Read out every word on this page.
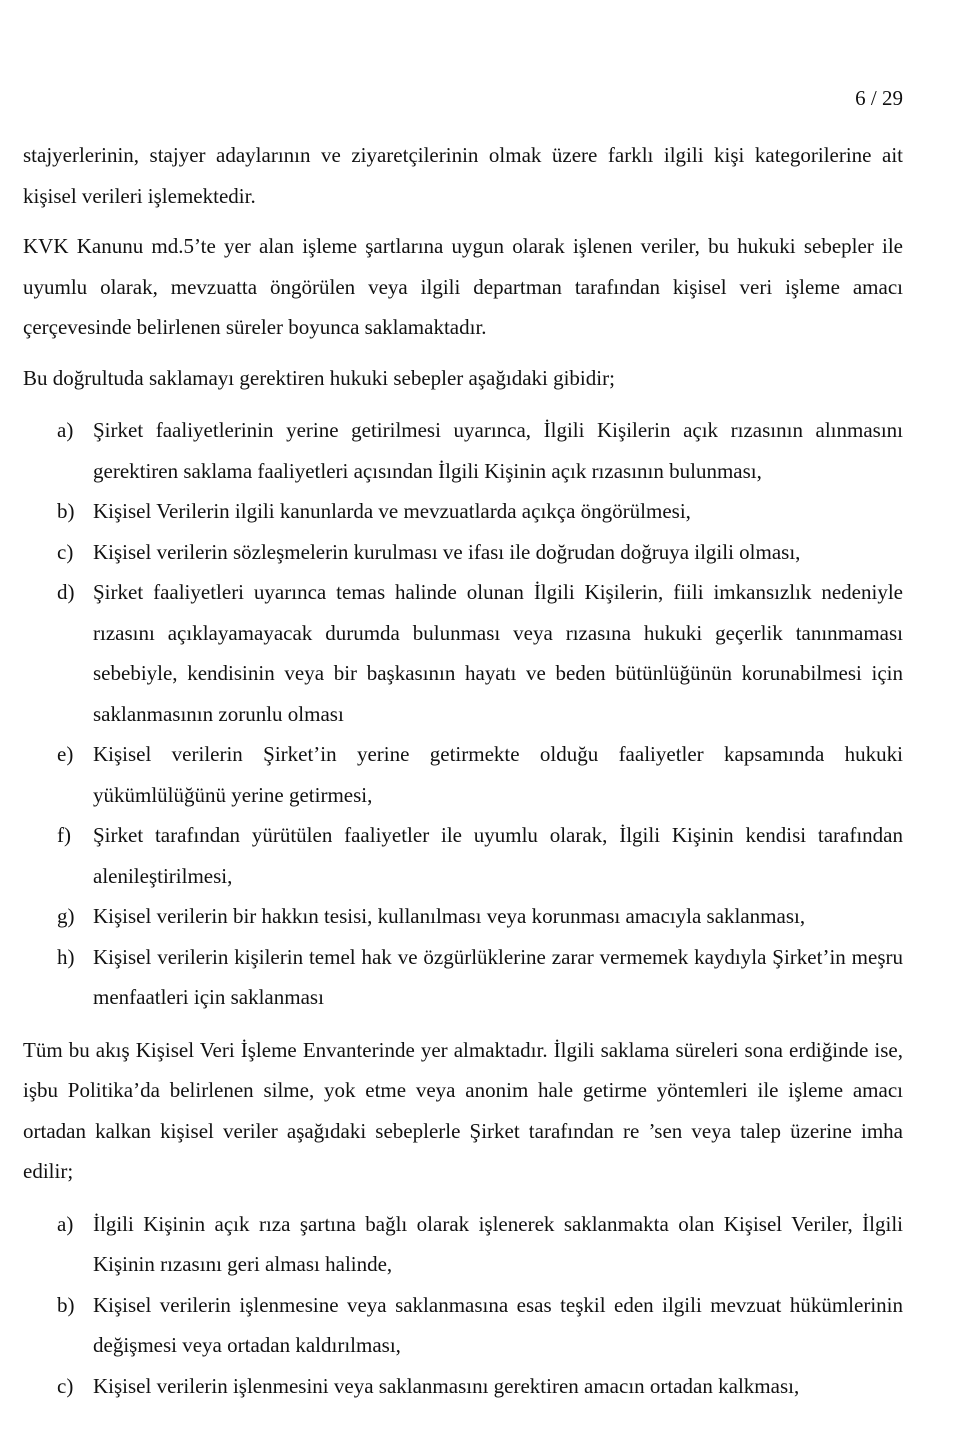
6 / 29

stajyerlerinin, stajyer adaylarının ve ziyaretçilerinin olmak üzere farklı ilgili kişi kategorilerine ait kişisel verileri işlemektedir.

KVK Kanunu md.5’te yer alan işleme şartlarına uygun olarak işlenen veriler, bu hukuki sebepler ile uyumlu olarak, mevzuatta öngörülen veya ilgili departman tarafından kişisel veri işleme amacı çerçevesinde belirlenen süreler boyunca saklamaktadır.

Bu doğrultuda saklamayı gerektiren hukuki sebepler aşağıdaki gibidir;

a) Şirket faaliyetlerinin yerine getirilmesi uyarınca, İlgili Kişilerin açık rızasının alınmasını gerektiren saklama faaliyetleri açısından İlgili Kişinin açık rızasının bulunması,
b) Kişisel Verilerin ilgili kanunlarda ve mevzuatlarda açıkça öngörülmesi,
c) Kişisel verilerin sözleşmelerin kurulması ve ifası ile doğrudan doğruya ilgili olması,
d) Şirket faaliyetleri uyarınca temas halinde olunan İlgili Kişilerin, fiili imkansızlık nedeniyle rızasını açıklayamayacak durumda bulunması veya rızasına hukuki geçerlik tanınmaması sebebiyle, kendisinin veya bir başkasının hayatı ve beden bütünlüğünün korunabilmesi için saklanmasının zorunlu olması
e) Kişisel verilerin Şirket’in yerine getirmekte olduğu faaliyetler kapsamında hukuki yükümlülüğünü yerine getirmesi,
f) Şirket tarafından yürütülen faaliyetler ile uyumlu olarak, İlgili Kişinin kendisi tarafından alenileştirilmesi,
g) Kişisel verilerin bir hakkın tesisi, kullanılması veya korunması amacıyla saklanması,
h) Kişisel verilerin kişilerin temel hak ve özgürlüklerine zarar vermemek kaydıyla Şirket’in meşru menfaatleri için saklanması

Tüm bu akış Kişisel Veri İşleme Envanterinde yer almaktadır. İlgili saklama süreleri sona erdiğinde ise, işbu Politika’da belirlenen silme, yok etme veya anonim hale getirme yöntemleri ile işleme amacı ortadan kalkan kişisel veriler aşağıdaki sebeplerle Şirket tarafından re ’sen veya talep üzerine imha edilir;

a) İlgili Kişinin açık rıza şartına bağlı olarak işlenerek saklanmakta olan Kişisel Veriler, İlgili Kişinin rızasını geri alması halinde,
b) Kişisel verilerin işlenmesine veya saklanmasına esas teşkil eden ilgili mevzuat hükümlerinin değişmesi veya ortadan kaldırılması,
c) Kişisel verilerin işlenmesini veya saklanmasını gerektiren amacın ortadan kalkması,
